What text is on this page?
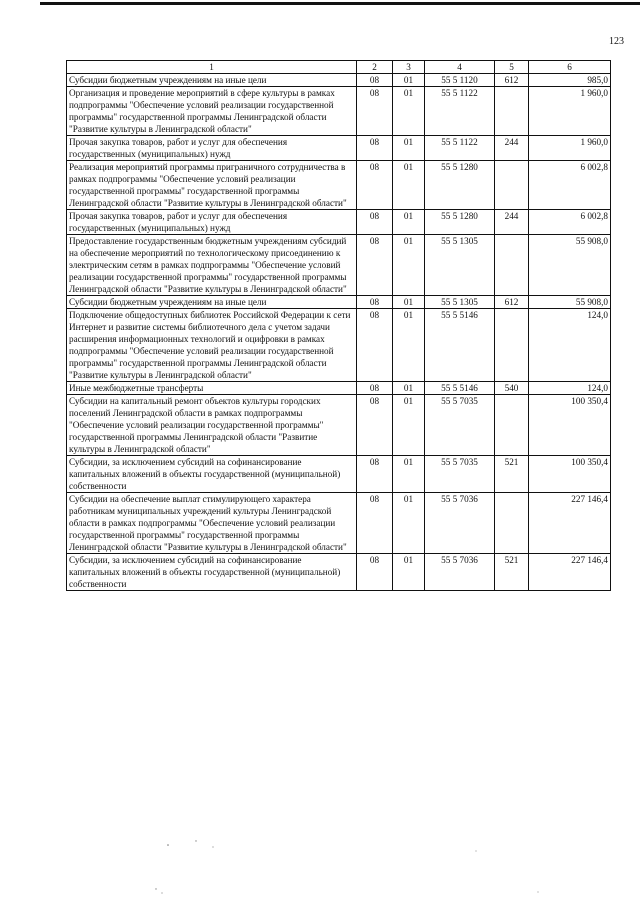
123
1	2	3	4	5	6
Субсидии бюджетным учреждениям на иные цели	08	01	55 5 1120	612	985,0
Организация и проведение мероприятий в сфере культуры в рамках подпрограммы "Обеспечение условий реализации государственной программы" государственной программы Ленинградской области "Развитие культуры в Ленинградской области"	08	01	55 5 1122		1 960,0
Прочая закупка товаров, работ и услуг для обеспечения государственных (муниципальных) нужд	08	01	55 5 1122	244	1 960,0
Реализация мероприятий программы приграничного сотрудничества в рамках подпрограммы "Обеспечение условий реализации государственной программы" государственной программы Ленинградской области "Развитие культуры в Ленинградской области"	08	01	55 5 1280		6 002,8
Прочая закупка товаров, работ и услуг для обеспечения государственных (муниципальных) нужд	08	01	55 5 1280	244	6 002,8
Предоставление государственным бюджетным учреждениям субсидий на обеспечение мероприятий по технологическому присоединению к электрическим сетям в рамках подпрограммы "Обеспечение условий реализации государственной программы" государственной программы Ленинградской области "Развитие культуры в Ленинградской области"	08	01	55 5 1305		55 908,0
Субсидии бюджетным учреждениям на иные цели	08	01	55 5 1305	612	55 908,0
Подключение общедоступных библиотек Российской Федерации к сети Интернет и развитие системы библиотечного дела с учетом задачи расширения информационных технологий и оцифровки в рамках подпрограммы "Обеспечение условий реализации государственной программы" государственной программы Ленинградской области "Развитие культуры в Ленинградской области"	08	01	55 5 5146		124,0
Иные межбюджетные трансферты	08	01	55 5 5146	540	124,0
Субсидии на капитальный ремонт объектов культуры городских поселений Ленинградской области в рамках подпрограммы "Обеспечение условий реализации государственной программы" государственной программы Ленинградской области "Развитие культуры в Ленинградской области"	08	01	55 5 7035		100 350,4
Субсидии, за исключением субсидий на софинансирование капитальных вложений в объекты государственной (муниципальной) собственности	08	01	55 5 7035	521	100 350,4
Субсидии на обеспечение выплат стимулирующего характера работникам муниципальных учреждений культуры Ленинградской области в рамках подпрограммы "Обеспечение условий реализации государственной программы" государственной программы Ленинградской области "Развитие культуры в Ленинградской области"	08	01	55 5 7036		227 146,4
Субсидии, за исключением субсидий на софинансирование капитальных вложений в объекты государственной (муниципальной) собственности	08	01	55 5 7036	521	227 146,4
